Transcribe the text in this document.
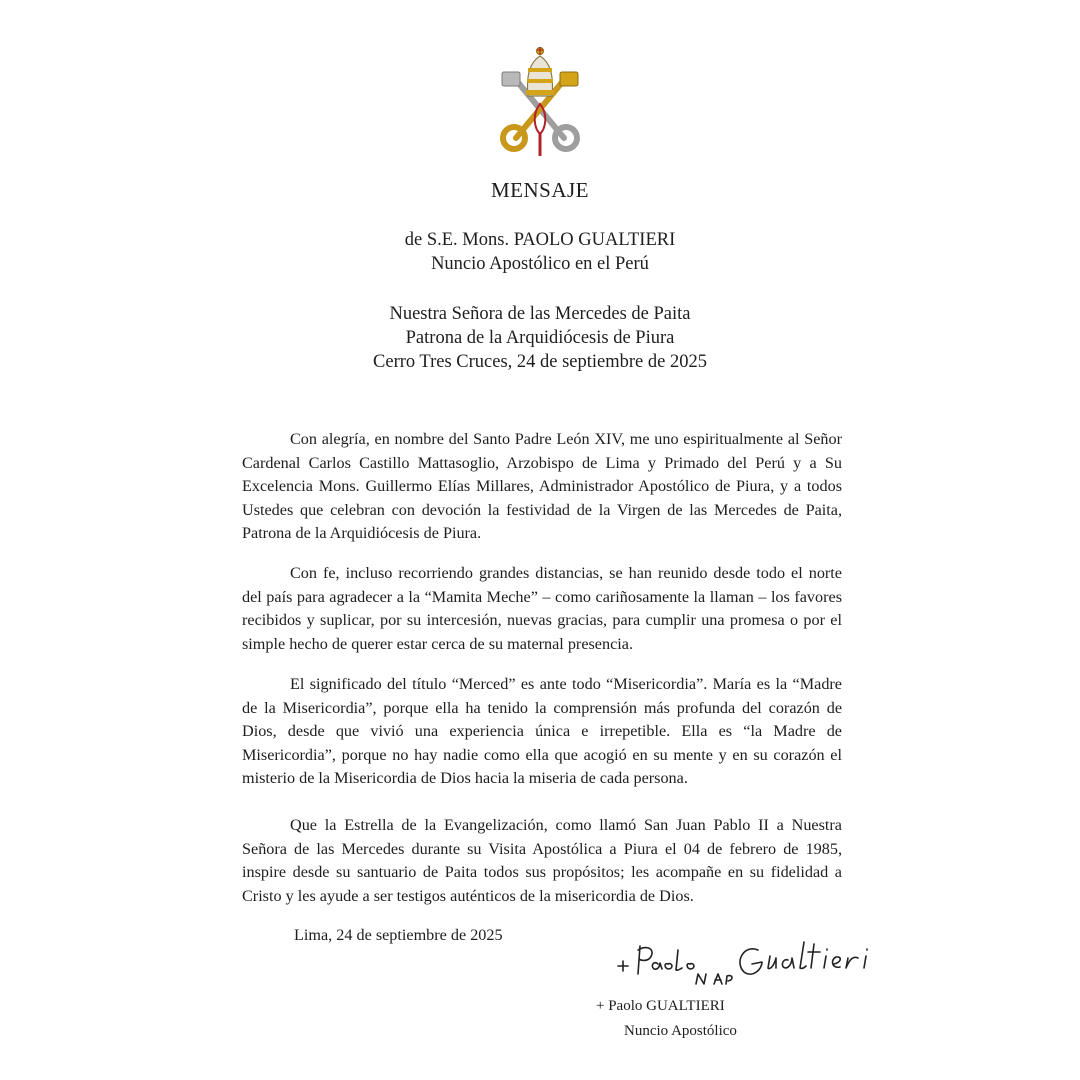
MENSAJE
de S.E. Mons. PAOLO GUALTIERI
Nuncio Apostólico en el Perú
Nuestra Señora de las Mercedes de Paita
Patrona de la Arquidiócesis de Piura
Cerro Tres Cruces, 24 de septiembre de 2025

Con alegría, en nombre del Santo Padre León XIV, me uno espiritualmente al Señor Cardenal Carlos Castillo Mattasoglio, Arzobispo de Lima y Primado del Perú y a Su Excelencia Mons. Guillermo Elías Millares, Administrador Apostólico de Piura, y a todos Ustedes que celebran con devoción la festividad de la Virgen de las Mercedes de Paita, Patrona de la Arquidiócesis de Piura.

Con fe, incluso recorriendo grandes distancias, se han reunido desde todo el norte del país para agradecer a la “Mamita Meche” – como cariñosamente la llaman – los favores recibidos y suplicar, por su intercesión, nuevas gracias, para cumplir una promesa o por el simple hecho de querer estar cerca de su maternal presencia.

El significado del título “Merced” es ante todo “Misericordia”. María es la “Madre de la Misericordia”, porque ella ha tenido la comprensión más profunda del corazón de Dios, desde que vivió una experiencia única e irrepetible. Ella es “la Madre de Misericordia”, porque no hay nadie como ella que acogió en su mente y en su corazón el misterio de la Misericordia de Dios hacia la miseria de cada persona.

Que la Estrella de la Evangelización, como llamó San Juan Pablo II a Nuestra Señora de las Mercedes durante su Visita Apostólica a Piura el 04 de febrero de 1985, inspire desde su santuario de Paita todos sus propósitos; les acompañe en su fidelidad a Cristo y les ayude a ser testigos auténticos de la misericordia de Dios.

Lima, 24 de septiembre de 2025
+ Paolo GUALTIERI
Nuncio Apostólico
